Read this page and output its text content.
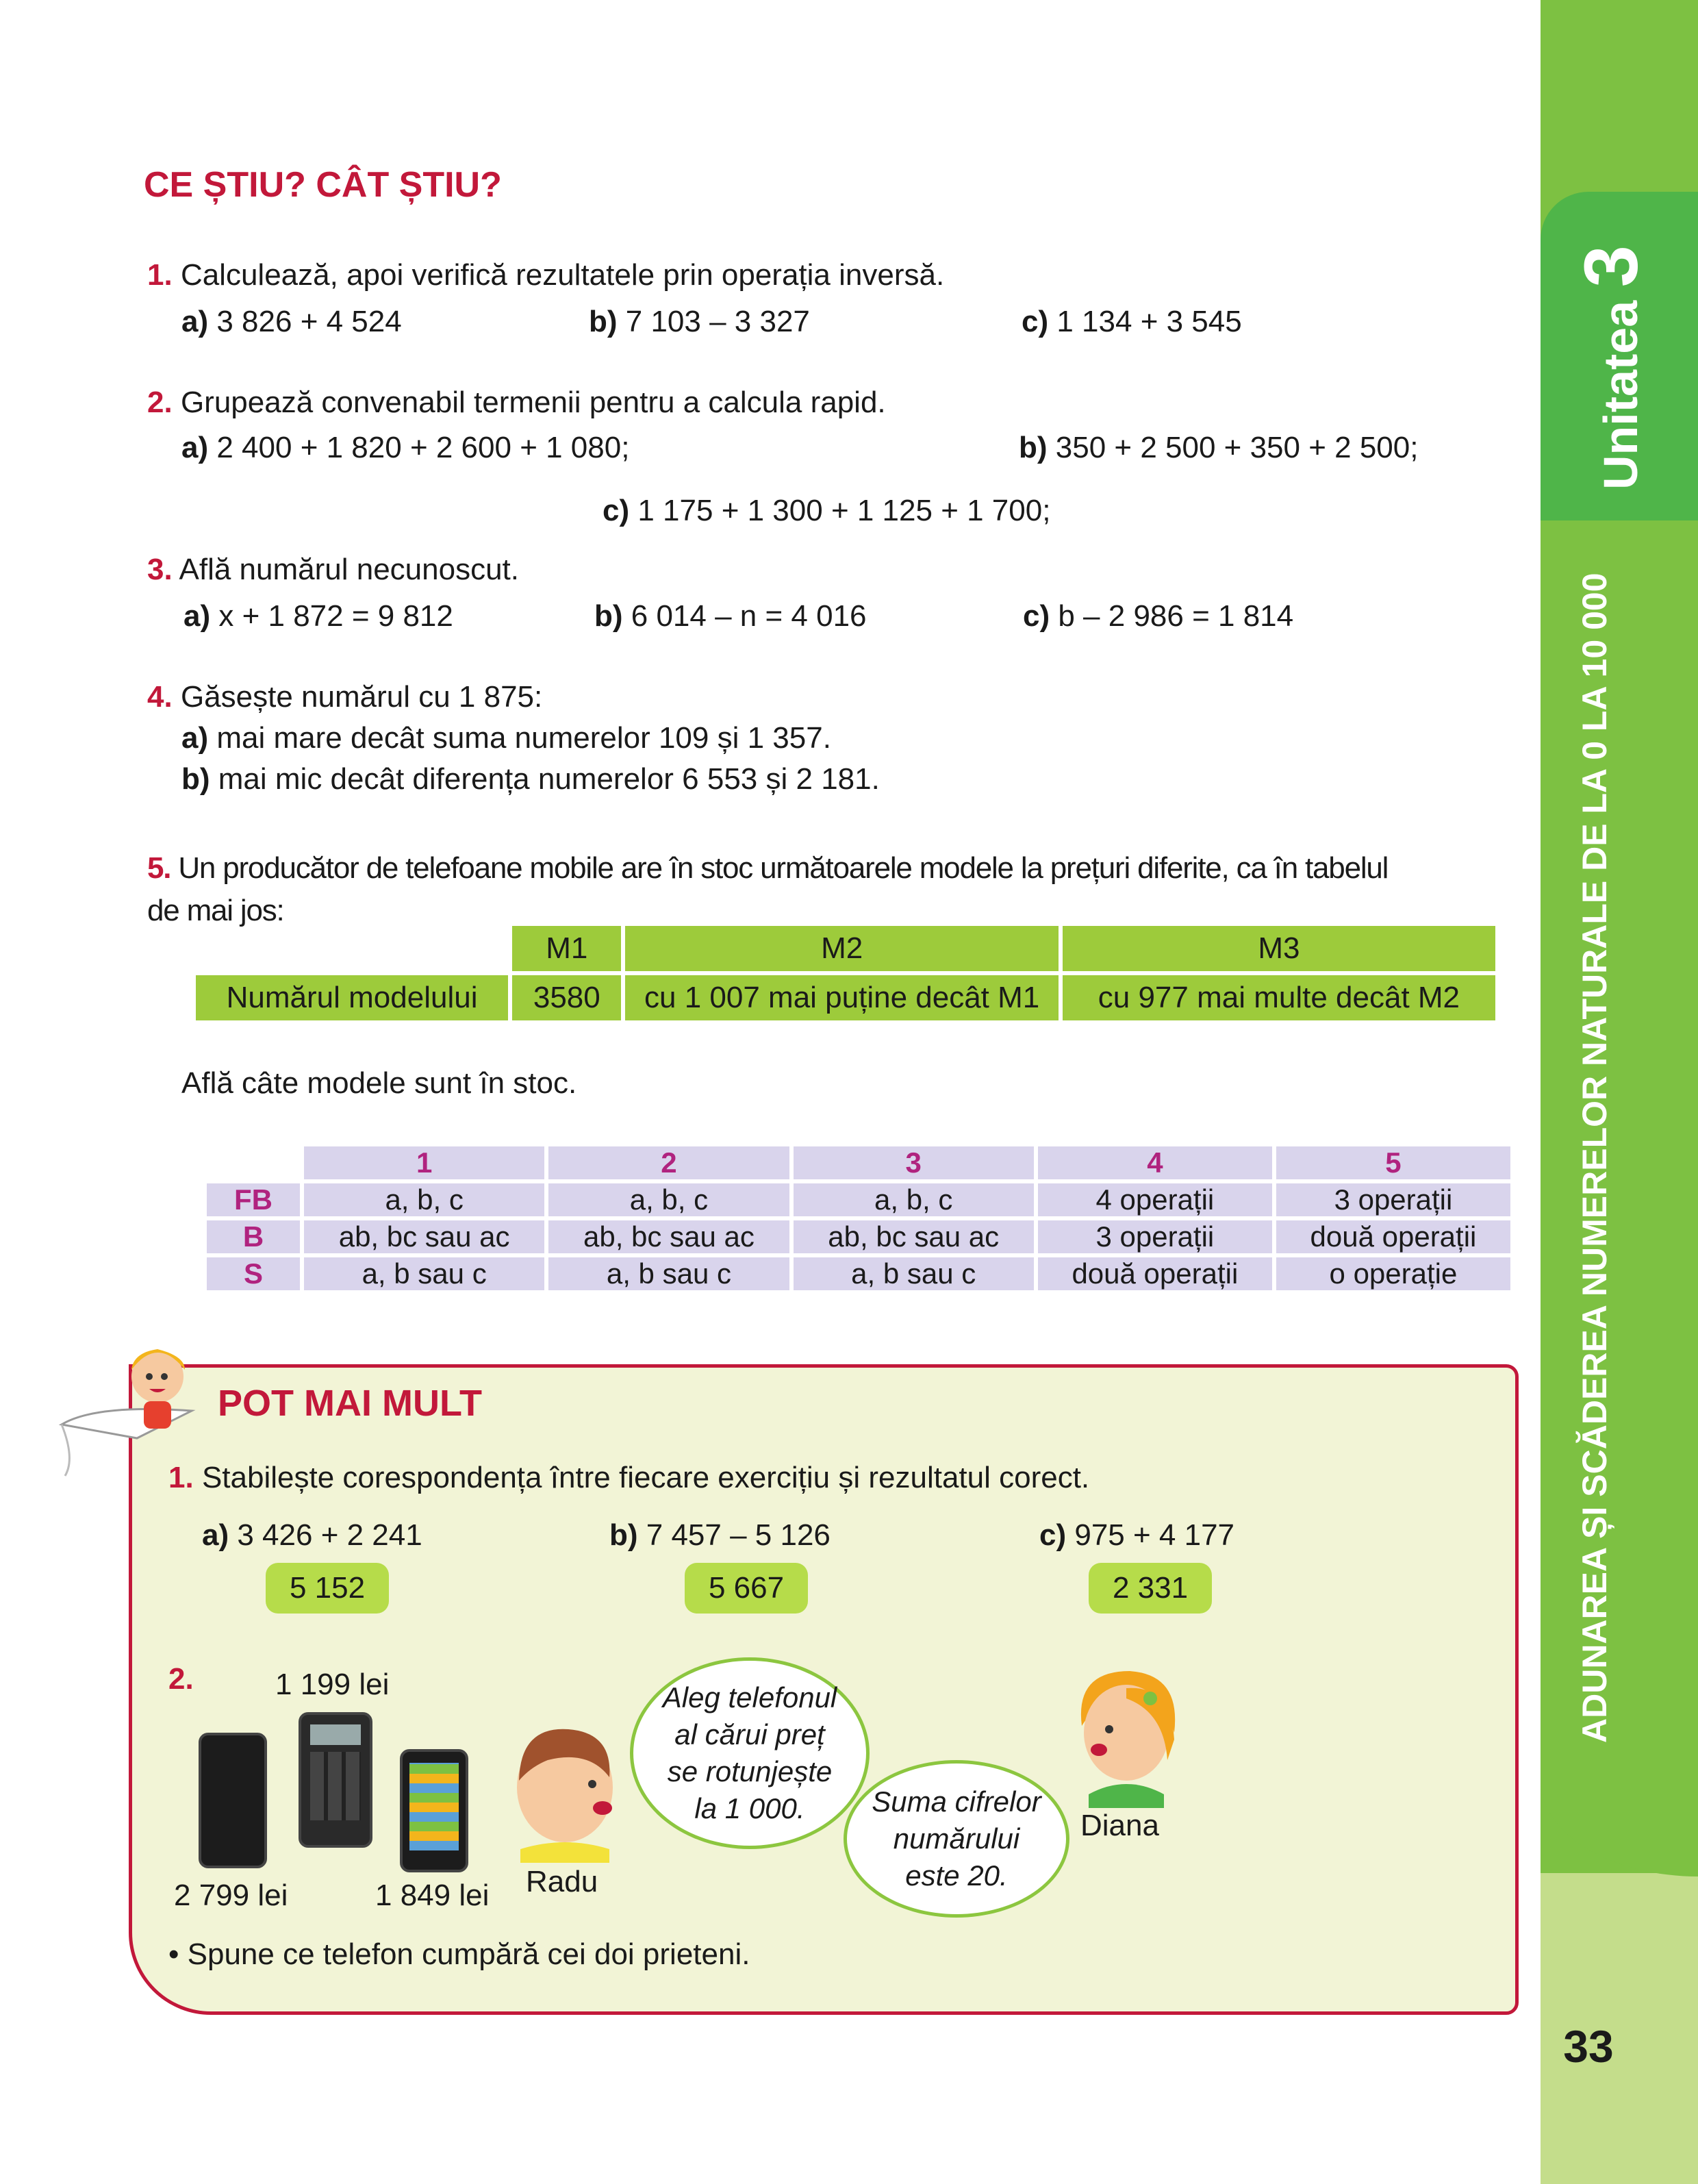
Unitatea 3
ADUNAREA ȘI SCĂDEREA NUMERELOR NATURALE DE LA 0 LA 10 000
33
CE ȘTIU? CÂT ȘTIU?
1. Calculează, apoi verifică rezultatele prin operația inversă.
a) 3 826 + 4 524	b) 7 103 – 3 327	c) 1 134 + 3 545
2. Grupează convenabil termenii pentru a calcula rapid.
a) 2 400 + 1 820 + 2 600 + 1 080;	b) 350 + 2 500 + 350 + 2 500;
c) 1 175 + 1 300 + 1 125 + 1 700;
3. Află numărul necunoscut.
a) x + 1 872 = 9 812	b) 6 014 – n = 4 016	c) b – 2 986 = 1 814
4. Găsește numărul cu 1 875:
a) mai mare decât suma numerelor 109 și 1 357.
b) mai mic decât diferența numerelor 6 553 și 2 181.
5. Un producător de telefoane mobile are în stoc următoarele modele la prețuri diferite, ca în tabelul
de mai jos:
	M1	M2	M3
Numărul modelului	3580	cu 1 007 mai puține decât M1	cu 977 mai multe decât M2
Află câte modele sunt în stoc.
	1	2	3	4	5
FB	a, b, c	a, b, c	a, b, c	4 operații	3 operații
B	ab, bc sau ac	ab, bc sau ac	ab, bc sau ac	3 operații	două operații
S	a, b sau c	a, b sau c	a, b sau c	două operații	o operație
POT MAI MULT
1. Stabilește corespondența între fiecare exercițiu și rezultatul corect.
a) 3 426 + 2 241	b) 7 457 – 5 126	c) 975 + 4 177
5 152	5 667	2 331
2.	1 199 lei
2 799 lei	1 849 lei Radu
Aleg telefonul
al cărui preț
se rotunjește
la 1 000.	Suma cifrelor
numărului
este 20.
Diana
• Spune ce telefon cumpără cei doi prieteni.
